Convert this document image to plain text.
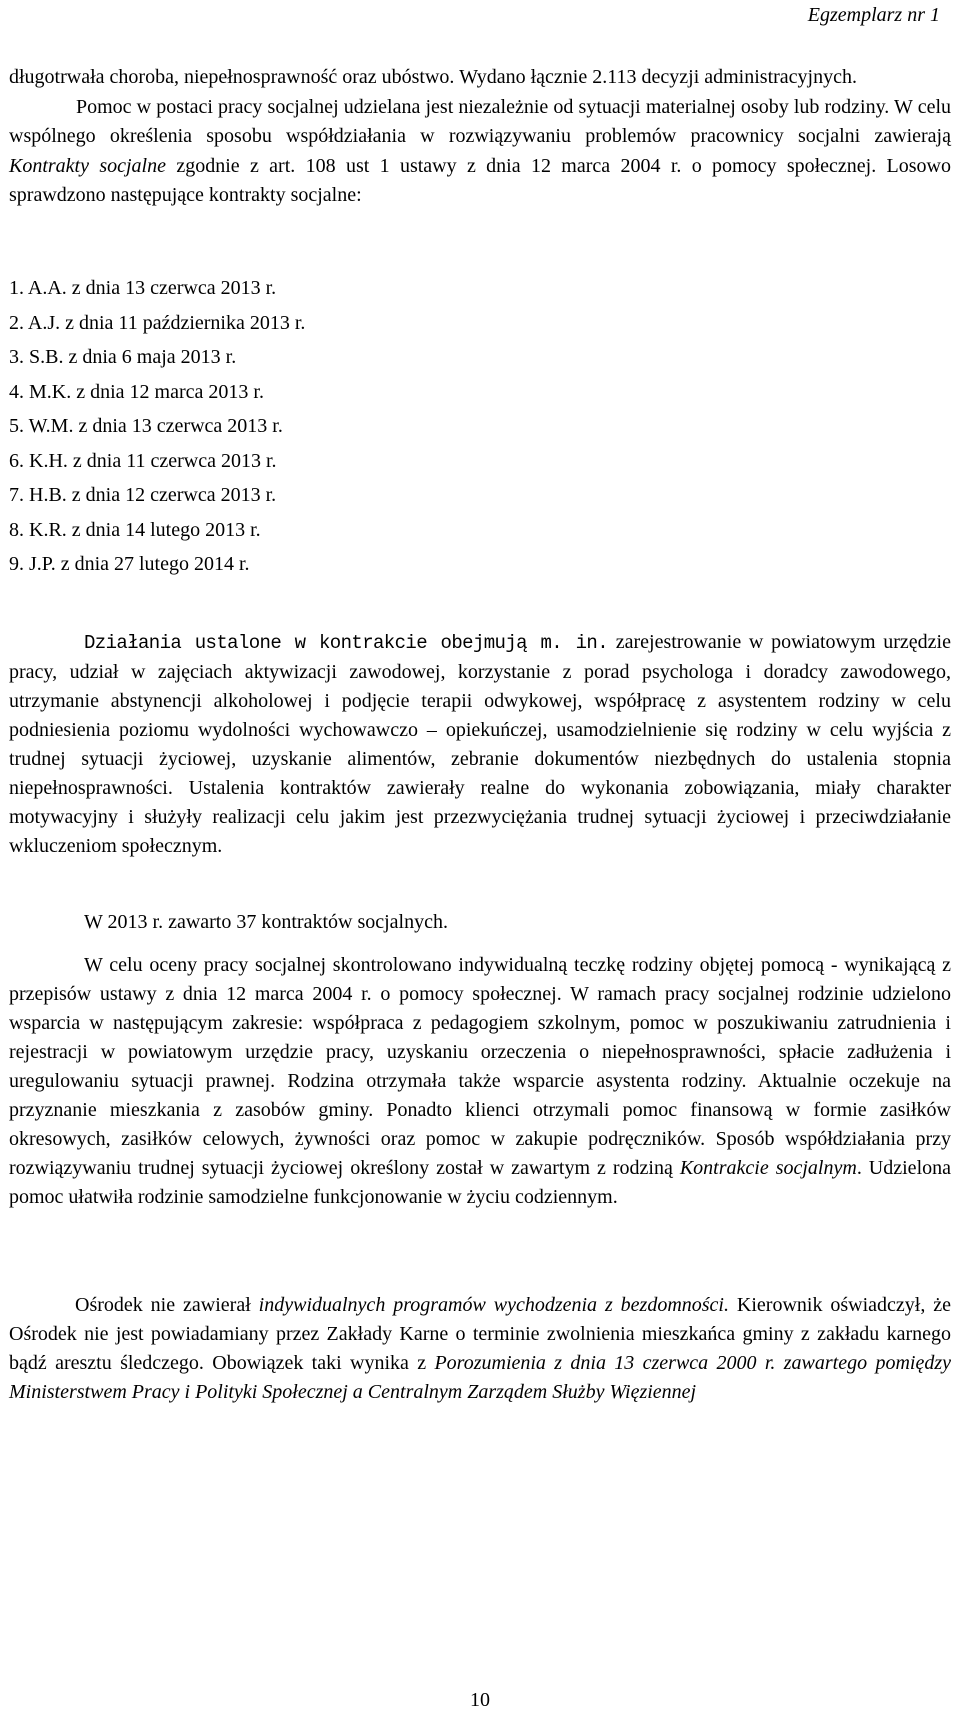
Egzemplarz nr 1

długotrwała choroba, niepełnosprawność oraz ubóstwo. Wydano łącznie 2.113 decyzji administracyjnych.
Pomoc w postaci pracy socjalnej udzielana jest niezależnie od sytuacji materialnej osoby lub rodziny. W celu wspólnego określenia sposobu współdziałania w rozwiązywaniu problemów pracownicy socjalni zawierają Kontrakty socjalne zgodnie z art. 108 ust 1 ustawy z dnia 12 marca 2004 r. o pomocy społecznej. Losowo sprawdzono następujące kontrakty socjalne:

1. A.A. z dnia 13 czerwca 2013 r.
2. A.J. z dnia 11 października 2013 r.
3. S.B. z dnia 6 maja 2013 r.
4. M.K. z dnia 12 marca 2013 r.
5. W.M. z dnia 13 czerwca 2013 r.
6. K.H. z dnia 11 czerwca 2013 r.
7. H.B. z dnia 12 czerwca 2013 r.
8. K.R. z dnia 14 lutego 2013 r.
9. J.P. z dnia 27 lutego 2014 r.

Działania ustalone w kontrakcie obejmują m. in. zarejestrowanie w powiatowym urzędzie pracy, udział w zajęciach aktywizacji zawodowej, korzystanie z porad psychologa i doradcy zawodowego, utrzymanie abstynencji alkoholowej i podjęcie terapii odwykowej, współpracę z asystentem rodziny w celu podniesienia poziomu wydolności wychowawczo – opiekuńczej, usamodzielnienie się rodziny w celu wyjścia z trudnej sytuacji życiowej, uzyskanie alimentów, zebranie dokumentów niezbędnych do ustalenia stopnia niepełnosprawności. Ustalenia kontraktów zawierały realne do wykonania zobowiązania, miały charakter motywacyjny i służyły realizacji celu jakim jest przezwyciężania trudnej sytuacji życiowej i przeciwdziałanie wkluczeniom społecznym.

W 2013 r. zawarto 37 kontraktów socjalnych.

W celu oceny pracy socjalnej skontrolowano indywidualną teczkę rodziny objętej pomocą - wynikającą z przepisów ustawy z dnia 12 marca 2004 r. o pomocy społecznej. W ramach pracy socjalnej rodzinie udzielono wsparcia w następującym zakresie: współpraca z pedagogiem szkolnym, pomoc w poszukiwaniu zatrudnienia i rejestracji w powiatowym urzędzie pracy, uzyskaniu orzeczenia o niepełnosprawności, spłacie zadłużenia i uregulowaniu sytuacji prawnej. Rodzina otrzymała także wsparcie asystenta rodziny. Aktualnie oczekuje na przyznanie mieszkania z zasobów gminy. Ponadto klienci otrzymali pomoc finansową w formie zasiłków okresowych, zasiłków celowych, żywności oraz pomoc w zakupie podręczników. Sposób współdziałania przy rozwiązywaniu trudnej sytuacji życiowej określony został w zawartym z rodziną Kontrakcie socjalnym. Udzielona pomoc ułatwiła rodzinie samodzielne funkcjonowanie w życiu codziennym.

Ośrodek nie zawierał indywidualnych programów wychodzenia z bezdomności. Kierownik oświadczył, że Ośrodek nie jest powiadamiany przez Zakłady Karne o terminie zwolnienia mieszkańca gminy z zakładu karnego bądź aresztu śledczego. Obowiązek taki wynika z Porozumienia z dnia 13 czerwca 2000 r. zawartego pomiędzy Ministerstwem Pracy i Polityki Społecznej a Centralnym Zarządem Służby Więziennej

10
